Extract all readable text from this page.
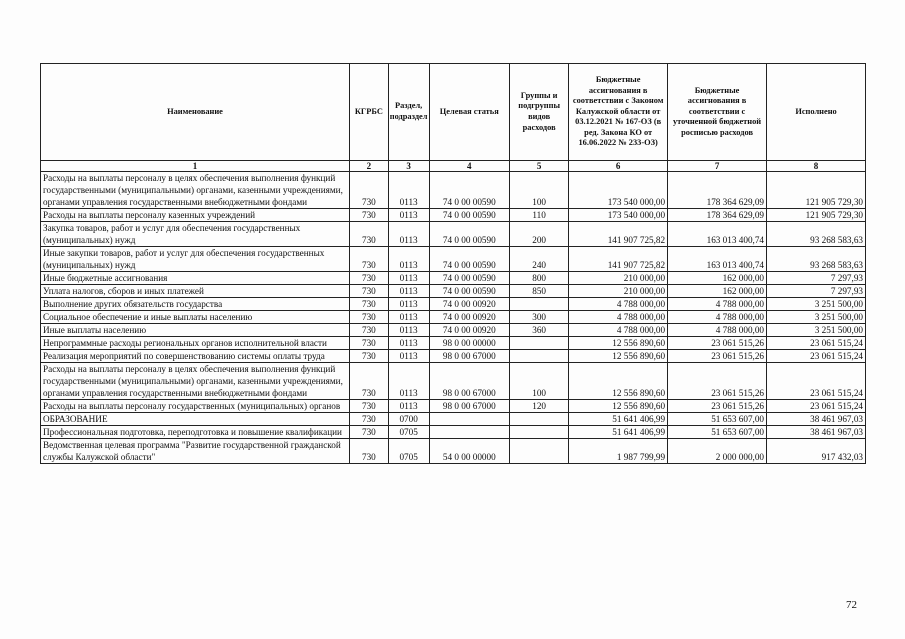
Наименование	КГРБС	Раздел, подраздел	Целевая статья	Группы и подгруппы видов расходов	Бюджетные ассигнования в соответствии с Законом Калужской области от 03.12.2021 № 167-ОЗ (в ред. Закона КО от 16.06.2022 № 233-ОЗ)	Бюджетные ассигнования в соответствии с уточненной бюджетной росписью расходов	Исполнено
1	2	3	4	5	6	7	8
Расходы на выплаты персоналу в целях обеспечения выполнения функций государственными (муниципальными) органами, казенными учреждениями, органами управления государственными внебюджетными фондами	730	0113	74 0 00 00590	100	173 540 000,00	178 364 629,09	121 905 729,30
Расходы на выплаты персоналу казенных учреждений	730	0113	74 0 00 00590	110	173 540 000,00	178 364 629,09	121 905 729,30
Закупка товаров, работ и услуг для обеспечения государственных (муниципальных) нужд	730	0113	74 0 00 00590	200	141 907 725,82	163 013 400,74	93 268 583,63
Иные закупки товаров, работ и услуг для обеспечения государственных (муниципальных) нужд	730	0113	74 0 00 00590	240	141 907 725,82	163 013 400,74	93 268 583,63
Иные бюджетные ассигнования	730	0113	74 0 00 00590	800	210 000,00	162 000,00	7 297,93
Уплата налогов, сборов и иных платежей	730	0113	74 0 00 00590	850	210 000,00	162 000,00	7 297,93
Выполнение других обязательств государства	730	0113	74 0 00 00920		4 788 000,00	4 788 000,00	3 251 500,00
Социальное обеспечение и иные выплаты населению	730	0113	74 0 00 00920	300	4 788 000,00	4 788 000,00	3 251 500,00
Иные выплаты населению	730	0113	74 0 00 00920	360	4 788 000,00	4 788 000,00	3 251 500,00
Непрограммные расходы региональных органов исполнительной власти	730	0113	98 0 00 00000		12 556 890,60	23 061 515,26	23 061 515,24
Реализация мероприятий по совершенствованию системы оплаты труда	730	0113	98 0 00 67000		12 556 890,60	23 061 515,26	23 061 515,24
Расходы на выплаты персоналу в целях обеспечения выполнения функций государственными (муниципальными) органами, казенными учреждениями, органами управления государственными внебюджетными фондами	730	0113	98 0 00 67000	100	12 556 890,60	23 061 515,26	23 061 515,24
Расходы на выплаты персоналу государственных (муниципальных) органов	730	0113	98 0 00 67000	120	12 556 890,60	23 061 515,26	23 061 515,24
ОБРАЗОВАНИЕ	730	0700			51 641 406,99	51 653 607,00	38 461 967,03
Профессиональная подготовка, переподготовка и повышение квалификации	730	0705			51 641 406,99	51 653 607,00	38 461 967,03
Ведомственная целевая программа "Развитие государственной гражданской службы Калужской области"	730	0705	54 0 00 00000		1 987 799,99	2 000 000,00	917 432,03
72
